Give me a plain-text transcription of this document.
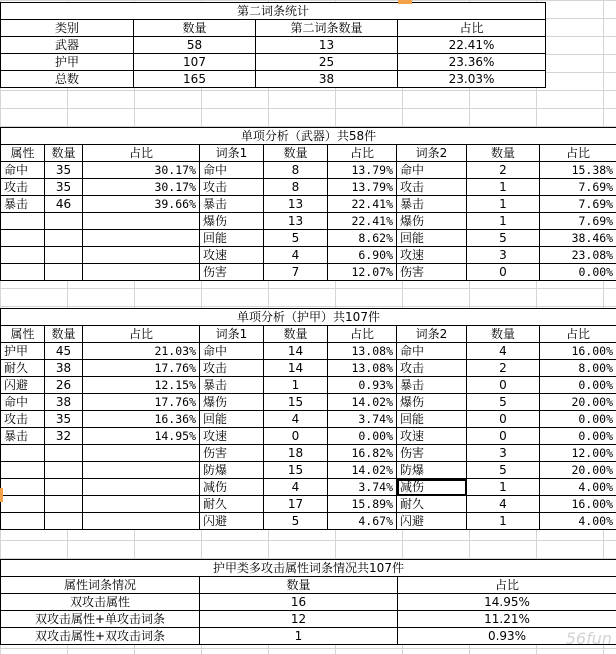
第二词条统计			
类别	数量	第二词条数量	占比
武器	58	13	22.41%
护甲	107	25	23.36%
总数	165	38	23.03%
单项分析（武器）共58件								
属性	数量	占比	词条1	数量	占比	词条2	数量	占比
命中	35	30.17%	命中	8	13.79%	命中	2	15.38%
攻击	35	30.17%	攻击	8	13.79%	攻击	1	7.69%
暴击	46	39.66%	暴击	13	22.41%	暴击	1	7.69%
			爆伤	13	22.41%	爆伤	1	7.69%
			回能	5	8.62%	回能	5	38.46%
			攻速	4	6.90%	攻速	3	23.08%
			伤害	7	12.07%	伤害	0	0.00%
单项分析（护甲）共107件								
属性	数量	占比	词条1	数量	占比	词条2	数量	占比
护甲	45	21.03%	命中	14	13.08%	命中	4	16.00%
耐久	38	17.76%	攻击	14	13.08%	攻击	2	8.00%
闪避	26	12.15%	暴击	1	0.93%	暴击	0	0.00%
命中	38	17.76%	爆伤	15	14.02%	爆伤	5	20.00%
攻击	35	16.36%	回能	4	3.74%	回能	0	0.00%
暴击	32	14.95%	攻速	0	0.00%	攻速	0	0.00%
			伤害	18	16.82%	伤害	3	12.00%
			防爆	15	14.02%	防爆	5	20.00%
			减伤	4	3.74%	减伤	1	4.00%
			耐久	17	15.89%	耐久	4	16.00%
			闪避	5	4.67%	闪避	1	4.00%
护甲类多攻击属性词条情况共107件		
属性词条情况	数量	占比
双攻击属性	16	14.95%
双攻击属性+单攻击词条	12	11.21%
双攻击属性+双攻击词条	1	0.93% 56fun
